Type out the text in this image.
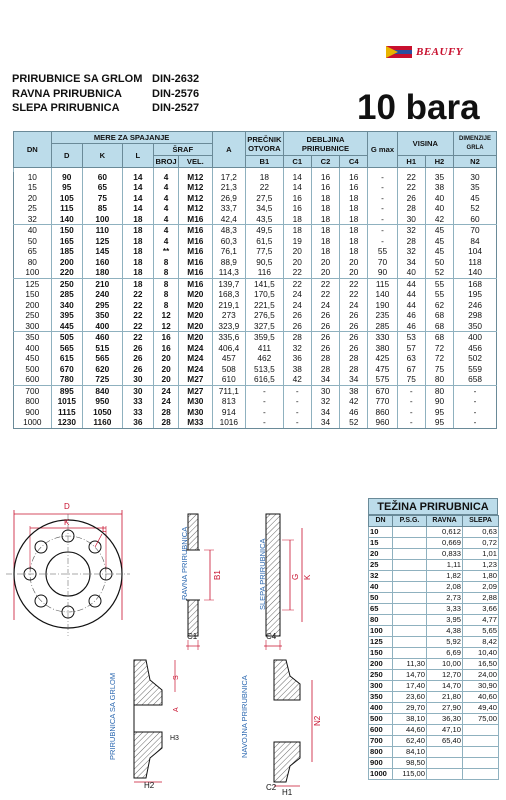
BEAUFY
PRIRUBNICE SA GRLOM DIN-2632
RAVNA PRIRUBNICA	DIN-2576
SLEPA PRIRUBNICA	DIN-2527	10 bara
DN	MERE ZA SPAJANJE					A	PREČNIK OTVORA	DEBLJINA PRIRUBNICE			G max	VISINA		DIMENZIJE GRLA
	D	K	L	ŠRAF										
				BROJ	VEL.		B1	C1	C2	C4		H1	H2	N2

10	90	60	14	4	M12	17,2	18	14	16	16	-	22	35	30
15	95	65	14	4	M12	21,3	22	14	16	16	-	22	38	35
20	105	75	14	4	M12	26,9	27,5	16	18	18	-	26	40	45
25	115	85	14	4	M12	33,7	34,5	16	18	18	-	28	40	52
32	140	100	18	4	M16	42,4	43,5	18	18	18	-	30	42	60
40	150	110	18	4	M16	48,3	49,5	18	18	18	-	32	45	70
50	165	125	18	4	M16	60,3	61,5	19	18	18	-	28	45	84
65	185	145	18	**	M16	76,1	77,5	20	18	18	55	32	45	104
80	200	160	18	8	M16	88,9	90,5	20	20	20	70	34	50	118
100	220	180	18	8	M16	114,3	116	22	20	20	90	40	52	140
125	250	210	18	8	M16	139,7	141,5	22	22	22	115	44	55	168
150	285	240	22	8	M20	168,3	170,5	24	22	22	140	44	55	195
200	340	295	22	8	M20	219,1	221,5	24	24	24	190	44	62	246
250	395	350	22	12	M20	273	276,5	26	26	26	235	46	68	298
300	445	400	22	12	M20	323,9	327,5	26	26	26	285	46	68	350
350	505	460	22	16	M20	335,6	359,5	28	26	26	330	53	68	400
400	565	515	26	16	M24	406,4	411	32	26	26	380	57	72	456
450	615	565	26	20	M24	457	462	36	28	28	425	63	72	502
500	670	620	26	20	M24	508	513,5	38	28	28	475	67	75	559
600	780	725	30	20	M27	610	616,5	42	34	34	575	75	80	658
700	895	840	30	24	M27	711,1	-	-	30	38	670	-	80	-
800	1015	950	33	24	M30	813	-	-	32	42	770	-	90	-
900	1115	1050	33	28	M30	914	-	-	34	46	860	-	95	-
1000	1230	1160	36	28	M33	1016	-	-	34	52	960	-	95	-
D
K
L
B1
C1
G K
C4
S
A
H2
H3
N2
H1
C2
RAVNA PRIRUBNICA	SLEPA PRIRUBNICA
PRIRUBNICA SA GRLOM	NAVOJNA PRIRUBNICA
TEŽINA PRIRUBNICA
DN	P.S.G.	RAVNA	SLEPA
10		0,612	0,63
15		0,669	0,72
20		0,833	1,01
25		1,11	1,23
32		1,82	1,80
40		2,08	2,09
50		2,73	2,88
65		3,33	3,66
80		3,95	4,77
100		4,38	5,65
125		5,92	8,42
150		6,69	10,40
200	11,30	10,00	16,50
250	14,70	12,70	24,00
300	17,40	14,70	30,90
350	23,60	21,80	40,60
400	29,70	27,90	49,40
500	38,10	36,30	75,00
600	44,60	47,10	
700	62,40	65,40	
800	84,10		
900	98,50		
1000	115,00		
